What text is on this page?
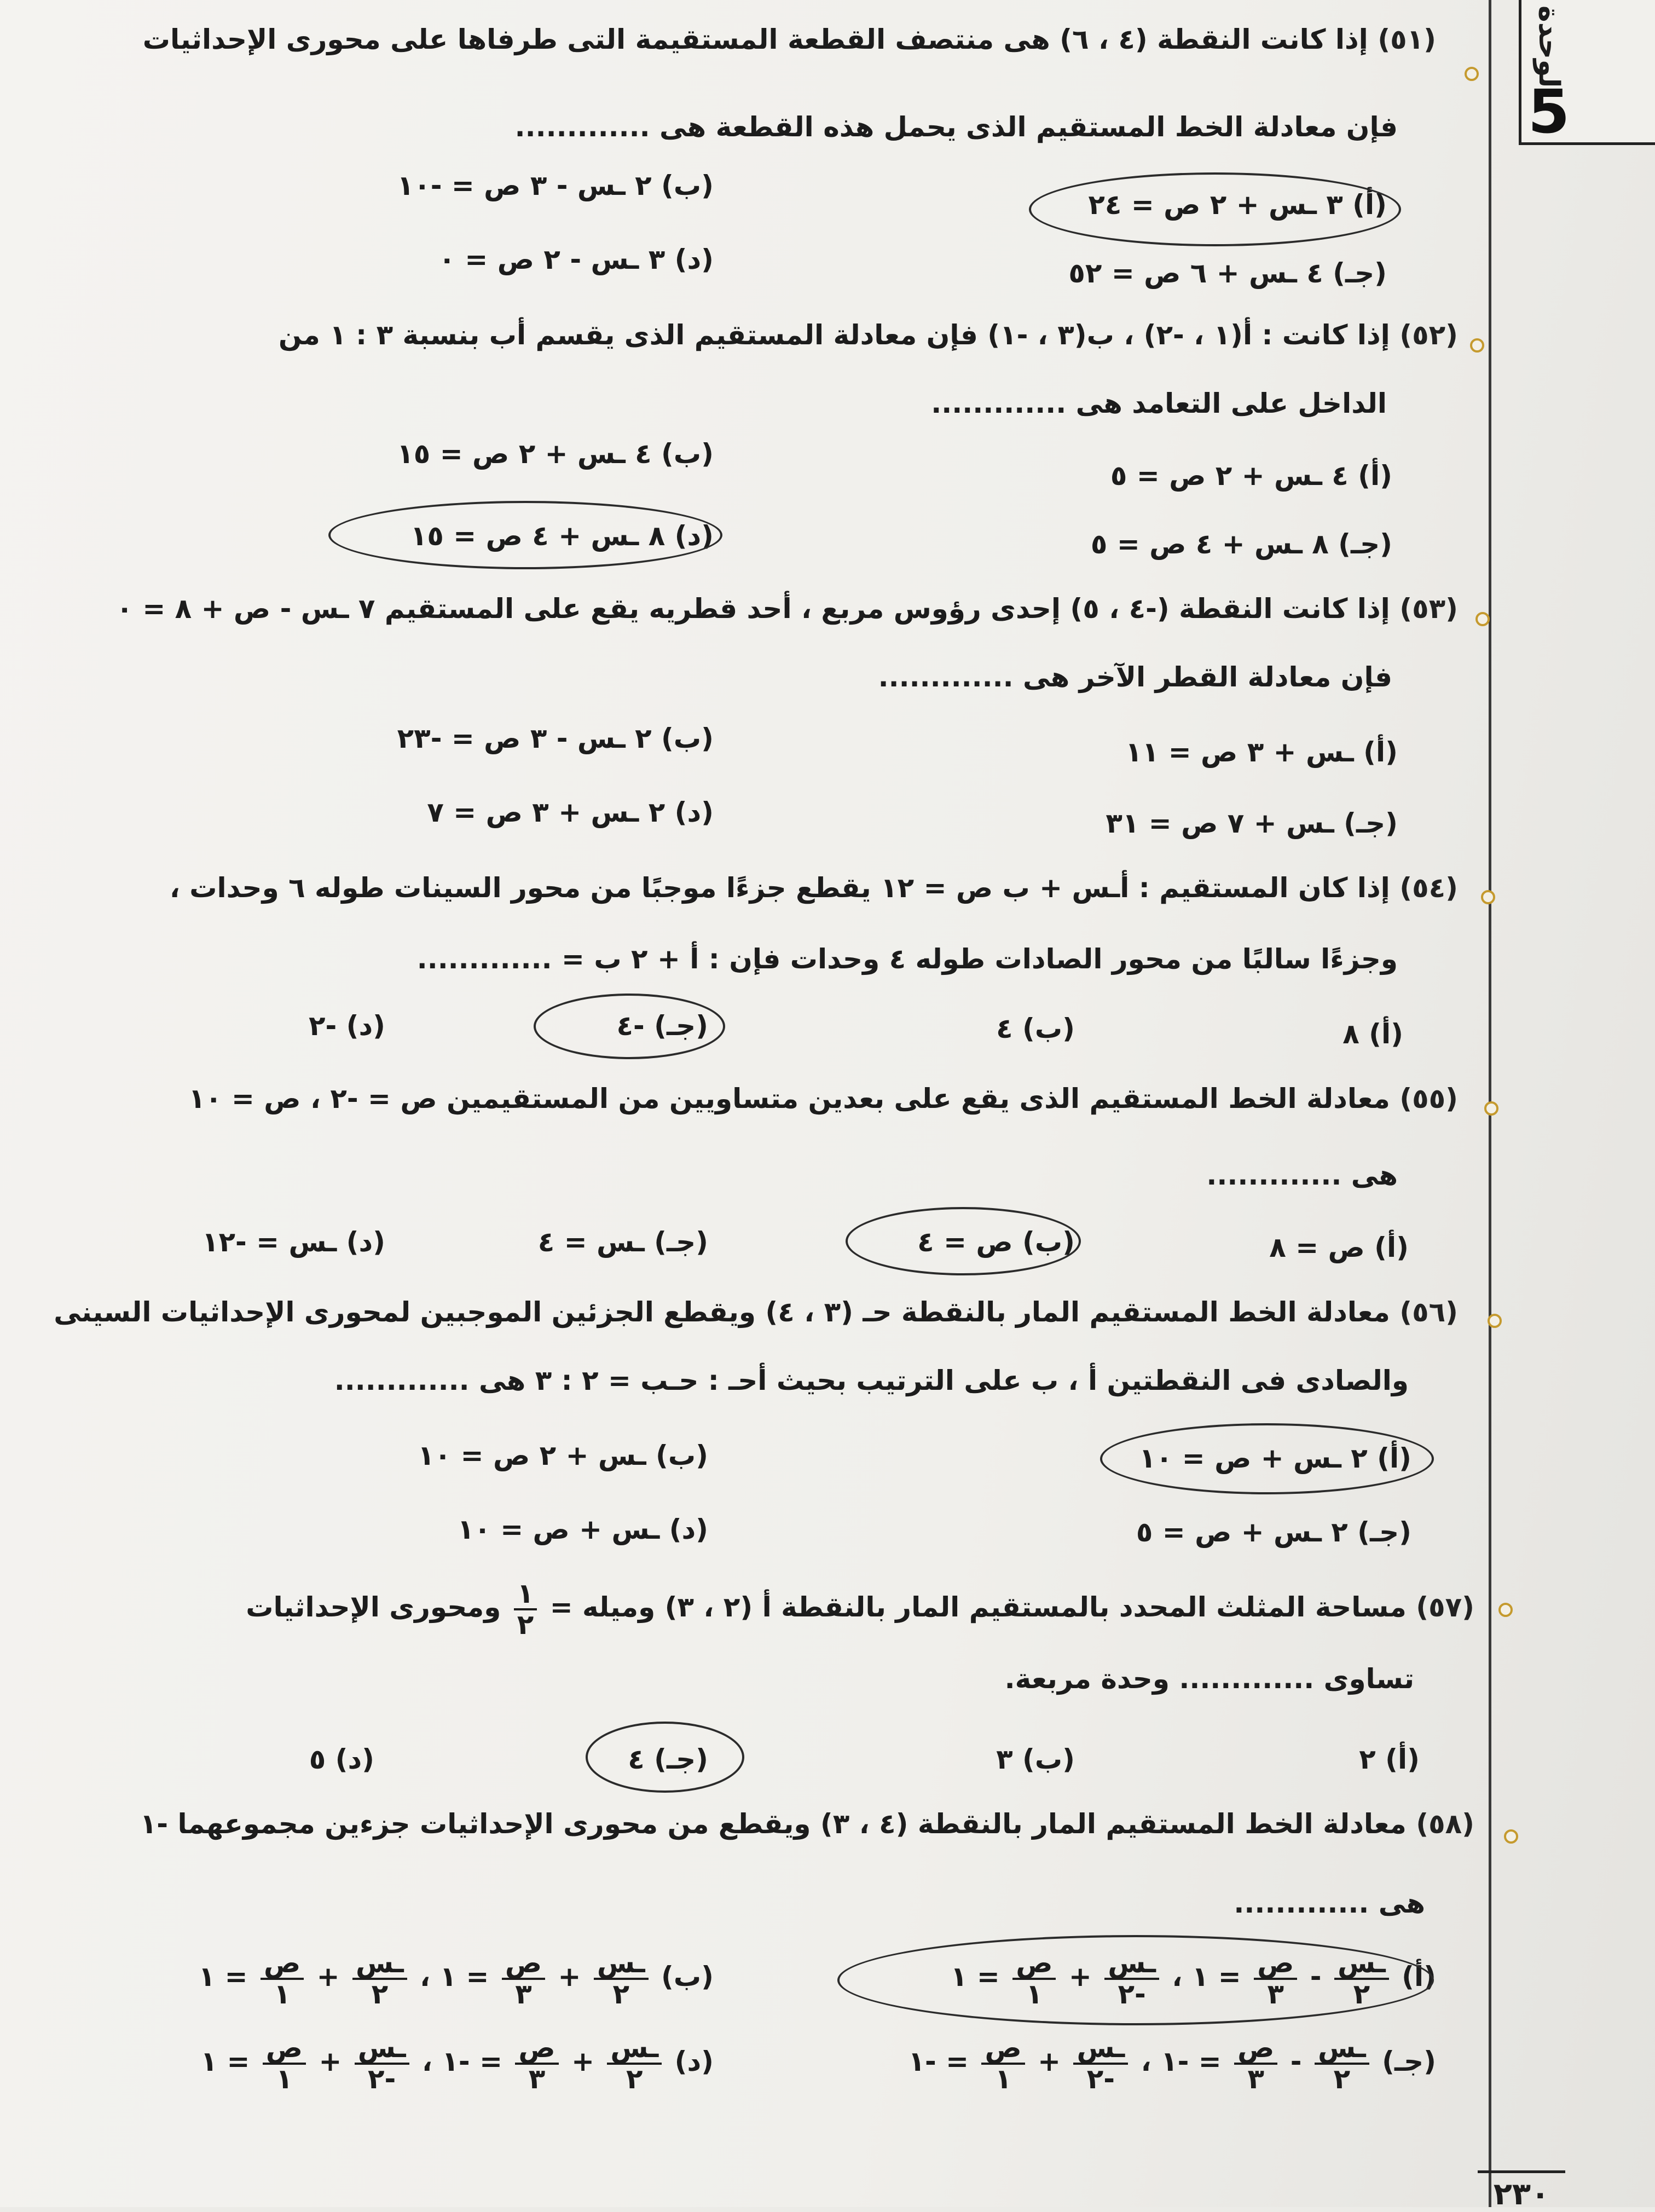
الوحدة
5
(٥١) إذا كانت النقطة (٤ ، ٦) هى منتصف القطعة المستقيمة التى طرفاها على محورى الإحداثيات
فإن معادلة الخط المستقيم الذى يحمل هذه القطعة هى .............
(أ) ٣ ـس + ٢ ص = ٢٤
(ب) ٢ ـس - ٣ ص = -١٠
(جـ) ٤ ـس + ٦ ص = ٥٢
(د) ٣ ـس - ٢ ص = ٠
(٥٢) إذا كانت : أ(١ ، -٢) ، ب(٣ ، -١) فإن معادلة المستقيم الذى يقسم أب بنسبة ٣ : ١ من
الداخل على التعامد هى .............
(أ) ٤ ـس + ٢ ص = ٥
(ب) ٤ ـس + ٢ ص = ١٥
(جـ) ٨ ـس + ٤ ص = ٥
(د) ٨ ـس + ٤ ص = ١٥
(٥٣) إذا كانت النقطة (-٤ ، ٥) إحدى رؤوس مربع ، أحد قطريه يقع على المستقيم ٧ ـس - ص + ٨ = ٠
فإن معادلة القطر الآخر هى .............
(أ) ـس + ٣ ص = ١١
(ب) ٢ ـس - ٣ ص = -٢٣
(جـ) ـس + ٧ ص = ٣١
(د) ٢ ـس + ٣ ص = ٧
(٥٤) إذا كان المستقيم : أـس + ب ص = ١٢ يقطع جزءًا موجبًا من محور السينات طوله ٦ وحدات ،
وجزءًا سالبًا من محور الصادات طوله ٤ وحدات فإن : أ + ٢ ب = .............
(أ) ٨
(ب) ٤
(جـ) -٤
(د) -٢
(٥٥) معادلة الخط المستقيم الذى يقع على بعدين متساويين من المستقيمين ص = -٢ ، ص = ١٠
هى .............
(أ) ص = ٨
(ب) ص = ٤
(جـ) ـس = ٤
(د) ـس = -١٢
(٥٦) معادلة الخط المستقيم المار بالنقطة حـ (٣ ، ٤) ويقطع الجزئين الموجبين لمحورى الإحداثيات السينى
والصادى فى النقطتين أ ، ب على الترتيب بحيث أحـ : حـب = ٢ : ٣ هى .............
(أ) ٢ ـس + ص = ١٠
(ب) ـس + ٢ ص = ١٠
(جـ) ٢ ـس + ص = ٥
(د) ـس + ص = ١٠
(٥٧) مساحة المثلث المحدد بالمستقيم المار بالنقطة أ (٢ ، ٣) وميله =
$\frac{١}{٢}$
ومحورى الإحداثيات
تساوى ............. وحدة مربعة.
(أ) ٢
(ب) ٣
(جـ) ٤
(د) ٥
(٥٨) معادلة الخط المستقيم المار بالنقطة (٤ ، ٣) ويقطع من محورى الإحداثيات جزءين مجموعهما -١
هى .............
(أ)
$\frac{\text{ـس}}{٢}$
-
$\frac{\text{ص}}{٣}$
= ١ ،
$\frac{\text{ـس}}{-٢}$
+
$\frac{\text{ص}}{١}$
= ١
(ب)
$\frac{\text{ـس}}{٢}$
+
$\frac{\text{ص}}{٣}$
= ١ ،
$\frac{\text{ـس}}{٢}$
+
$\frac{\text{ص}}{١}$
= ١
(جـ)
$\frac{\text{ـس}}{٢}$
-
$\frac{\text{ص}}{٣}$
= -١ ،
$\frac{\text{ـس}}{-٢}$
+
$\frac{\text{ص}}{١}$
= -١
(د)
$\frac{\text{ـس}}{٢}$
+
$\frac{\text{ص}}{٣}$
= -١ ،
$\frac{\text{ـس}}{-٢}$
+
$\frac{\text{ص}}{١}$
= ١
٢٣٠
